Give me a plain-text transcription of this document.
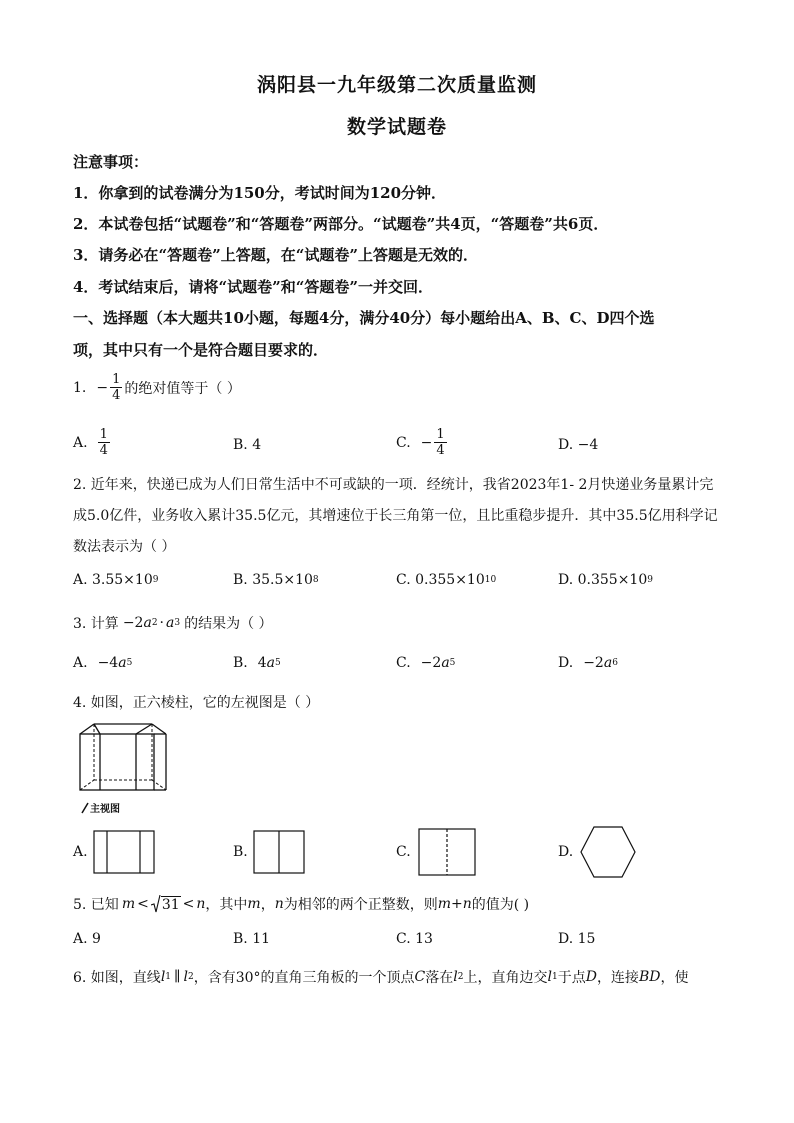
涡阳县一九年级第二次质量监测
数学试题卷
注意事项：
1．你拿到的试卷满分为150分，考试时间为120分钟．
2．本试卷包括“试题卷”和“答题卷”两部分。“试题卷”共4页，“答题卷”共6页．
3．请务必在“答题卷”上答题，在“试题卷”上答题是无效的．
4．考试结束后，请将“试题卷”和“答题卷”一并交回．
一、选择题（本大题共10小题，每题4分，满分40分）每小题给出A、B、C、D四个选
项，其中只有一个是符合题目要求的．
1. − $\frac{1}{4}$ 的绝对值等于（ ）
A. $\frac{1}{4}$	B. 4	C. − $\frac{1}{4}$	D. −4
2. 近年来，快递已成为人们日常生活中不可或缺的一项．经统计，我省2023年1- 2月快递业务量累计完
成5.0亿件，业务收入累计35.5亿元，其增速位于长三角第一位，且比重稳步提升．其中35.5亿用科学记
数法表示为（ ）
A. 3.55×10 9	B. 35.5×10 8	C. 0.355×10 10	D. 0.355×10 9
3. 计算 −2 a 2 · a 3 的结果为（ ）
A. −4 a 5	B. 4 a 5	C. −2 a 5	D. −2 a 6
4. 如图，正六棱柱，它的左视图是（ ）
主视图
A.	B.	C.	D.
5. 已知 m < 31 < n ，其中 m ， n 为相邻的两个正整数，则 m+n 的值为( )
A. 9	B. 11	C. 13	D. 15
6. 如图，直线 l 1 ∥ l 2 ，含有30°的直角三角板的一个顶点 C 落在 l 2 上，直角边交 l 1 于点 D ，连接 BD ，使
